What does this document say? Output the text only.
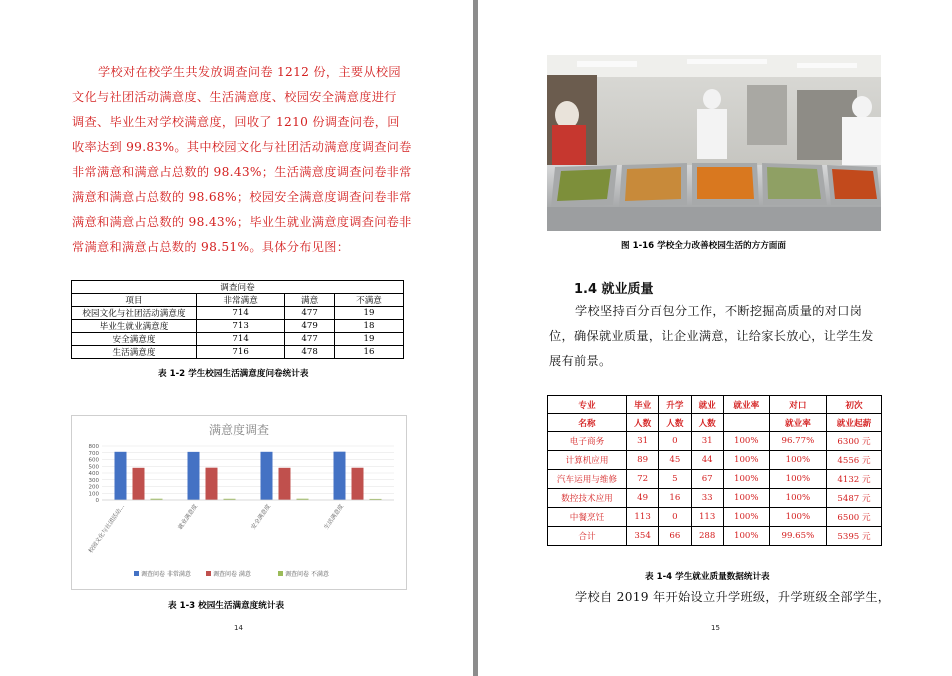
学校对在校学生共发放调查问卷 1212 份，主要从校园
文化与社团活动满意度、生活满意度、校园安全满意度进行
调查、毕业生对学校满意度，回收了 1210 份调查问卷，回
收率达到 99.83%。其中校园文化与社团活动满意度调查问卷
非常满意和满意占总数的 98.43%；生活满意度调查问卷非常
满意和满意占总数的 98.68%；校园安全满意度调查问卷非常
满意和满意占总数的 98.43%；毕业生就业满意度调查问卷非
常满意和满意占总数的 98.51%。具体分布见图：
调查问卷			
项目	非常满意	满意	不满意
校园文化与社团活动满意度	714	477	19
毕业生就业满意度	713	479	18
安全满意度	714	477	19
生活满意度	716	478	16
表 1-2 学生校园生活满意度问卷统计表
满意度调查
0
100
200
300
400
500
600
700
800
校园文化与社团活动...	就业满意度	安全满意度	生活满意度
调查问卷 非常满意	调查问卷 满意	调查问卷 不满意
表 1-3 校园生活满意度统计表
14	15
图 1-16 学校全力改善校园生活的方方面面
1.4 就业质量
学校坚持百分百包分工作，不断挖掘高质量的对口岗
位，确保就业质量，让企业满意，让给家长放心，让学生发
展有前景。
专业	毕业	升学	就业	就业率	对口	初次
名称	人数	人数	人数		就业率	就业起薪
电子商务	31	0	31	100%	96.77%	6300 元
计算机应用	89	45	44	100%	100%	4556 元
汽车运用与维修	72	5	67	100%	100%	4132 元
数控技术应用	49	16	33	100%	100%	5487 元
中餐烹饪	113	0	113	100%	100%	6500 元
合计	354	66	288	100%	99.65%	5395 元
表 1-4 学生就业质量数据统计表
学校自 2019 年开始设立升学班级，升学班级全部学生，
